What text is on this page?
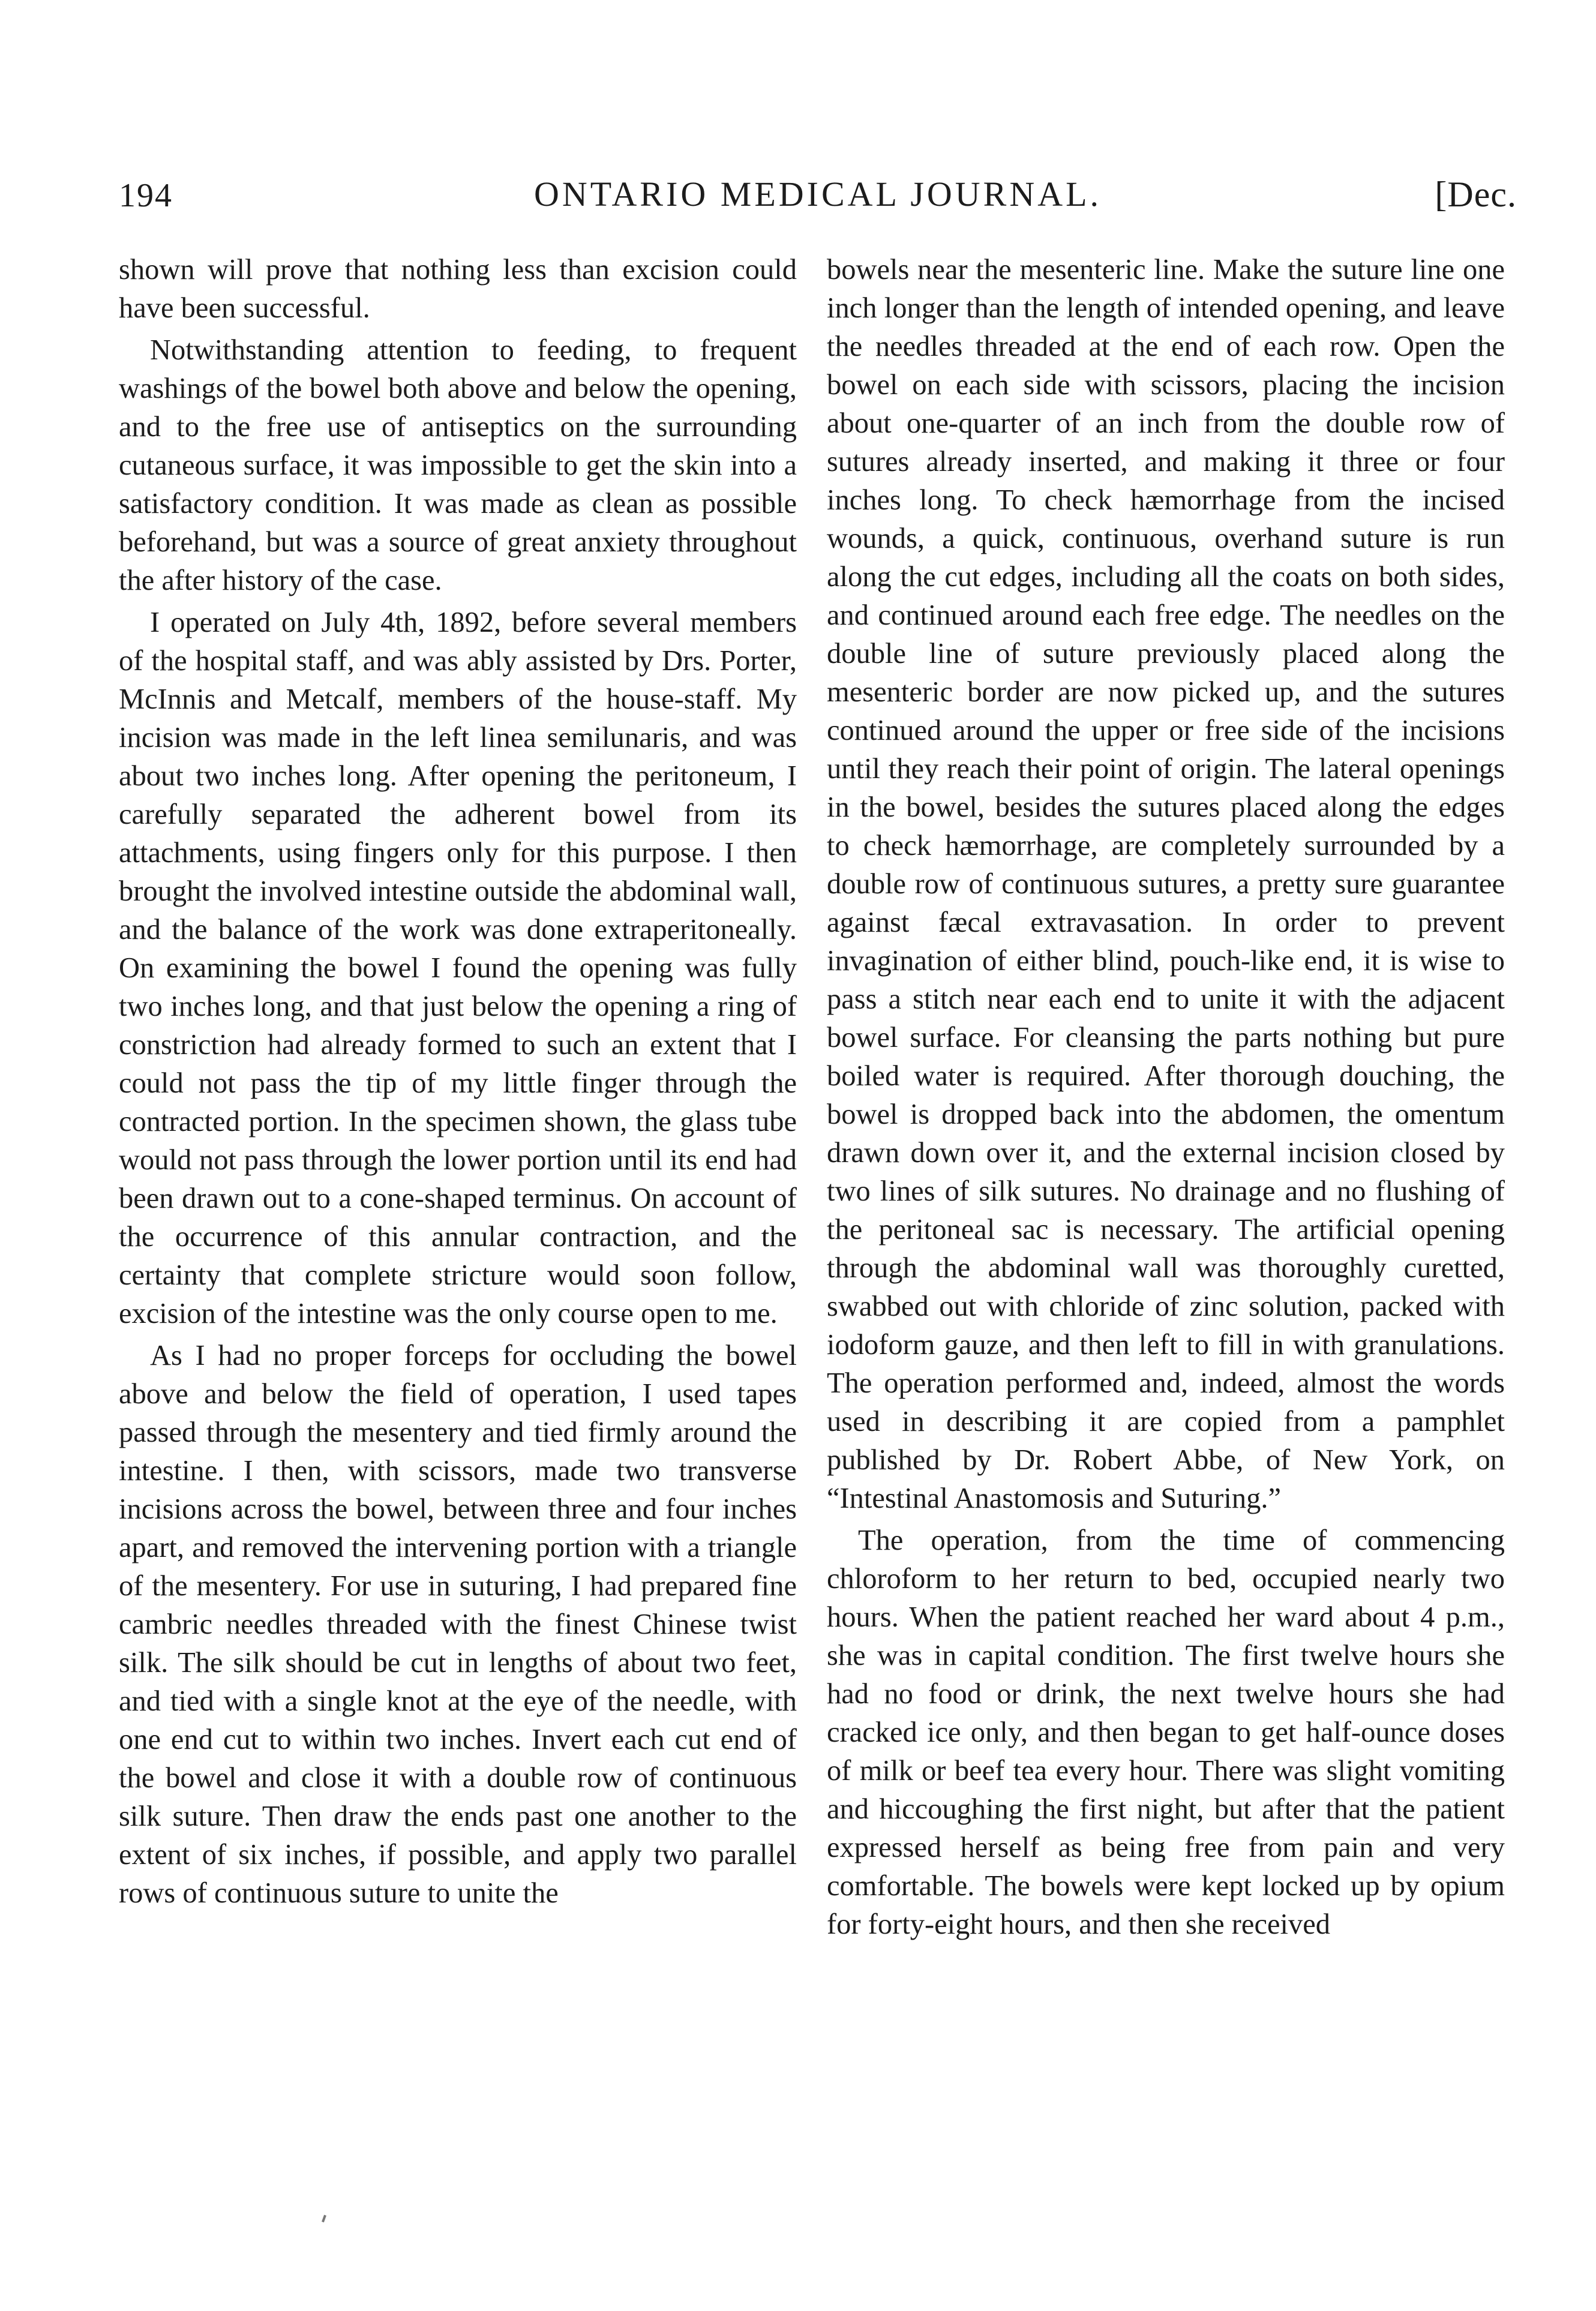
194	ONTARIO MEDICAL JOURNAL.	[Dec.

shown will prove that nothing less than excision could have been successful.

Notwithstanding attention to feeding, to frequent washings of the bowel both above and below the opening, and to the free use of antiseptics on the surrounding cutaneous surface, it was impossible to get the skin into a satisfactory condition. It was made as clean as possible beforehand, but was a source of great anxiety throughout the after history of the case.

I operated on July 4th, 1892, before several members of the hospital staff, and was ably assisted by Drs. Porter, McInnis and Metcalf, members of the house-staff. My incision was made in the left linea semilunaris, and was about two inches long. After opening the peritoneum, I carefully separated the adherent bowel from its attachments, using fingers only for this purpose. I then brought the involved intestine outside the abdominal wall, and the balance of the work was done extraperitoneally. On examining the bowel I found the opening was fully two inches long, and that just below the opening a ring of constriction had already formed to such an extent that I could not pass the tip of my little finger through the contracted portion. In the specimen shown, the glass tube would not pass through the lower portion until its end had been drawn out to a cone-shaped terminus. On account of the occurrence of this annular contraction, and the certainty that complete stricture would soon follow, excision of the intestine was the only course open to me.

As I had no proper forceps for occluding the bowel above and below the field of operation, I used tapes passed through the mesentery and tied firmly around the intestine. I then, with scissors, made two transverse incisions across the bowel, between three and four inches apart, and removed the intervening portion with a triangle of the mesentery. For use in suturing, I had prepared fine cambric needles threaded with the finest Chinese twist silk. The silk should be cut in lengths of about two feet, and tied with a single knot at the eye of the needle, with one end cut to within two inches. Invert each cut end of the bowel and close it with a double row of continuous silk suture. Then draw the ends past one another to the extent of six inches, if possible, and apply two parallel rows of continuous suture to unite the

bowels near the mesenteric line. Make the suture line one inch longer than the length of intended opening, and leave the needles threaded at the end of each row. Open the bowel on each side with scissors, placing the incision about one-quarter of an inch from the double row of sutures already inserted, and making it three or four inches long. To check hæmorrhage from the incised wounds, a quick, continuous, overhand suture is run along the cut edges, including all the coats on both sides, and continued around each free edge. The needles on the double line of suture previously placed along the mesenteric border are now picked up, and the sutures continued around the upper or free side of the incisions until they reach their point of origin. The lateral openings in the bowel, besides the sutures placed along the edges to check hæmorrhage, are completely surrounded by a double row of continuous sutures, a pretty sure guarantee against fæcal extravasation. In order to prevent invagination of either blind, pouch-like end, it is wise to pass a stitch near each end to unite it with the adjacent bowel surface. For cleansing the parts nothing but pure boiled water is required. After thorough douching, the bowel is dropped back into the abdomen, the omentum drawn down over it, and the external incision closed by two lines of silk sutures. No drainage and no flushing of the peritoneal sac is necessary. The artificial opening through the abdominal wall was thoroughly curetted, swabbed out with chloride of zinc solution, packed with iodoform gauze, and then left to fill in with granulations. The operation performed and, indeed, almost the words used in describing it are copied from a pamphlet published by Dr. Robert Abbe, of New York, on “Intestinal Anastomosis and Suturing.”

The operation, from the time of commencing chloroform to her return to bed, occupied nearly two hours. When the patient reached her ward about 4 p.m., she was in capital condition. The first twelve hours she had no food or drink, the next twelve hours she had cracked ice only, and then began to get half-ounce doses of milk or beef tea every hour. There was slight vomiting and hiccoughing the first night, but after that the patient expressed herself as being free from pain and very comfortable. The bowels were kept locked up by opium for forty-eight hours, and then she received
